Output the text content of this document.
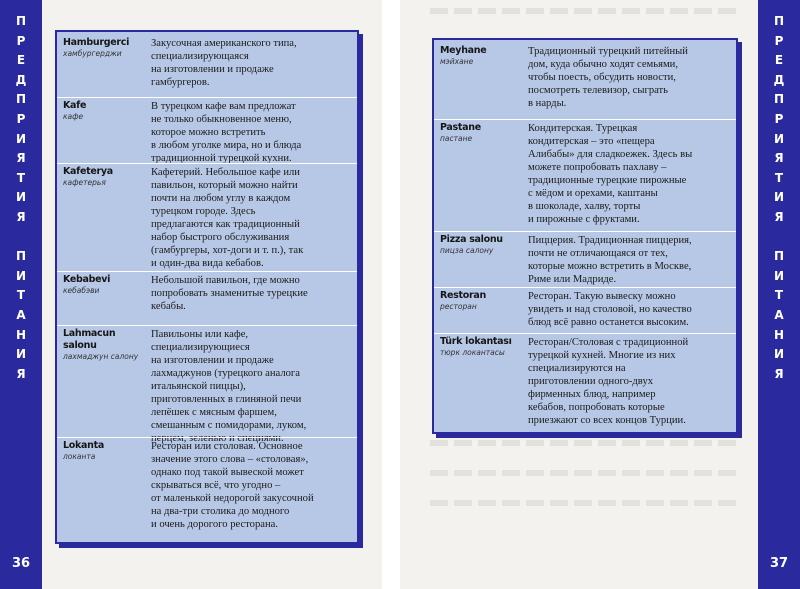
П
Р
Е
Д
П
Р
И
Я
Т
И
Я
П
И
Т
А
Н
И
Я
36
Hamburgerci
хамбургерджи
Закусочная американского типа,
специализирующаяся
на изготовлении и продаже
гамбургеров.
Kafe
кафе
В турецком кафе вам предложат
не только обыкновенное меню,
которое можно встретить
в любом уголке мира, но и блюда
традиционной турецкой кухни.
Kafeterya
кафетерья
Кафетерий. Небольшое кафе или
павильон, который можно найти
почти на любом углу в каждом
турецком городе. Здесь
предлагаются как традиционный
набор быстрого обслуживания
(гамбургеры, хот-доги и т. п.), так
и один-два вида кебабов.
Kebabevi
кебабэви
Небольшой павильон, где можно
попробовать знаменитые турецкие
кебабы.
Lahmacun salonu
лахмаджун салону
Павильоны или кафе,
специализирующиеся
на изготовлении и продаже
лахмаджунов (турецкого аналога
итальянской пиццы),
приготовленных в глиняной печи
лепёшек с мясным фаршем,
смешанным с помидорами, луком,
перцем, зеленью и специями.
Lokanta
локанта
Ресторан или столовая. Основное
значение этого слова – «столовая»,
однако под такой вывеской может
скрываться всё, что угодно –
от маленькой недорогой закусочной
на два-три столика до модного
и очень дорогого ресторана.
Meyhane
мэйхане
Традиционный турецкий питейный
дом, куда обычно ходят семьями,
чтобы поесть, обсудить новости,
посмотреть телевизор, сыграть
в нарды.
Pastane
пастане
Кондитерская. Турецкая
кондитерская – это «пещера
Алибабы» для сладкоежек. Здесь вы
можете попробовать пахлаву –
традиционные турецкие пирожные
с мёдом и орехами, каштаны
в шоколаде, халву, торты
и пирожные с фруктами.
Pizza salonu
пицза салону
Пиццерия. Традиционная пиццерия,
почти не отличающаяся от тех,
которые можно встретить в Москве,
Риме или Мадриде.
Restoran
ресторан
Ресторан. Такую вывеску можно
увидеть и над столовой, но качество
блюд всё равно останется высоким.
Türk lokantası
тюрк локантасы
Ресторан/Столовая с традиционной
турецкой кухней. Многие из них
специализируются на
приготовлении одного-двух
фирменных блюд, например
кебабов, попробовать которые
приезжают со всех концов Турции.
П
Р
Е
Д
П
Р
И
Я
Т
И
Я
П
И
Т
А
Н
И
Я
37
